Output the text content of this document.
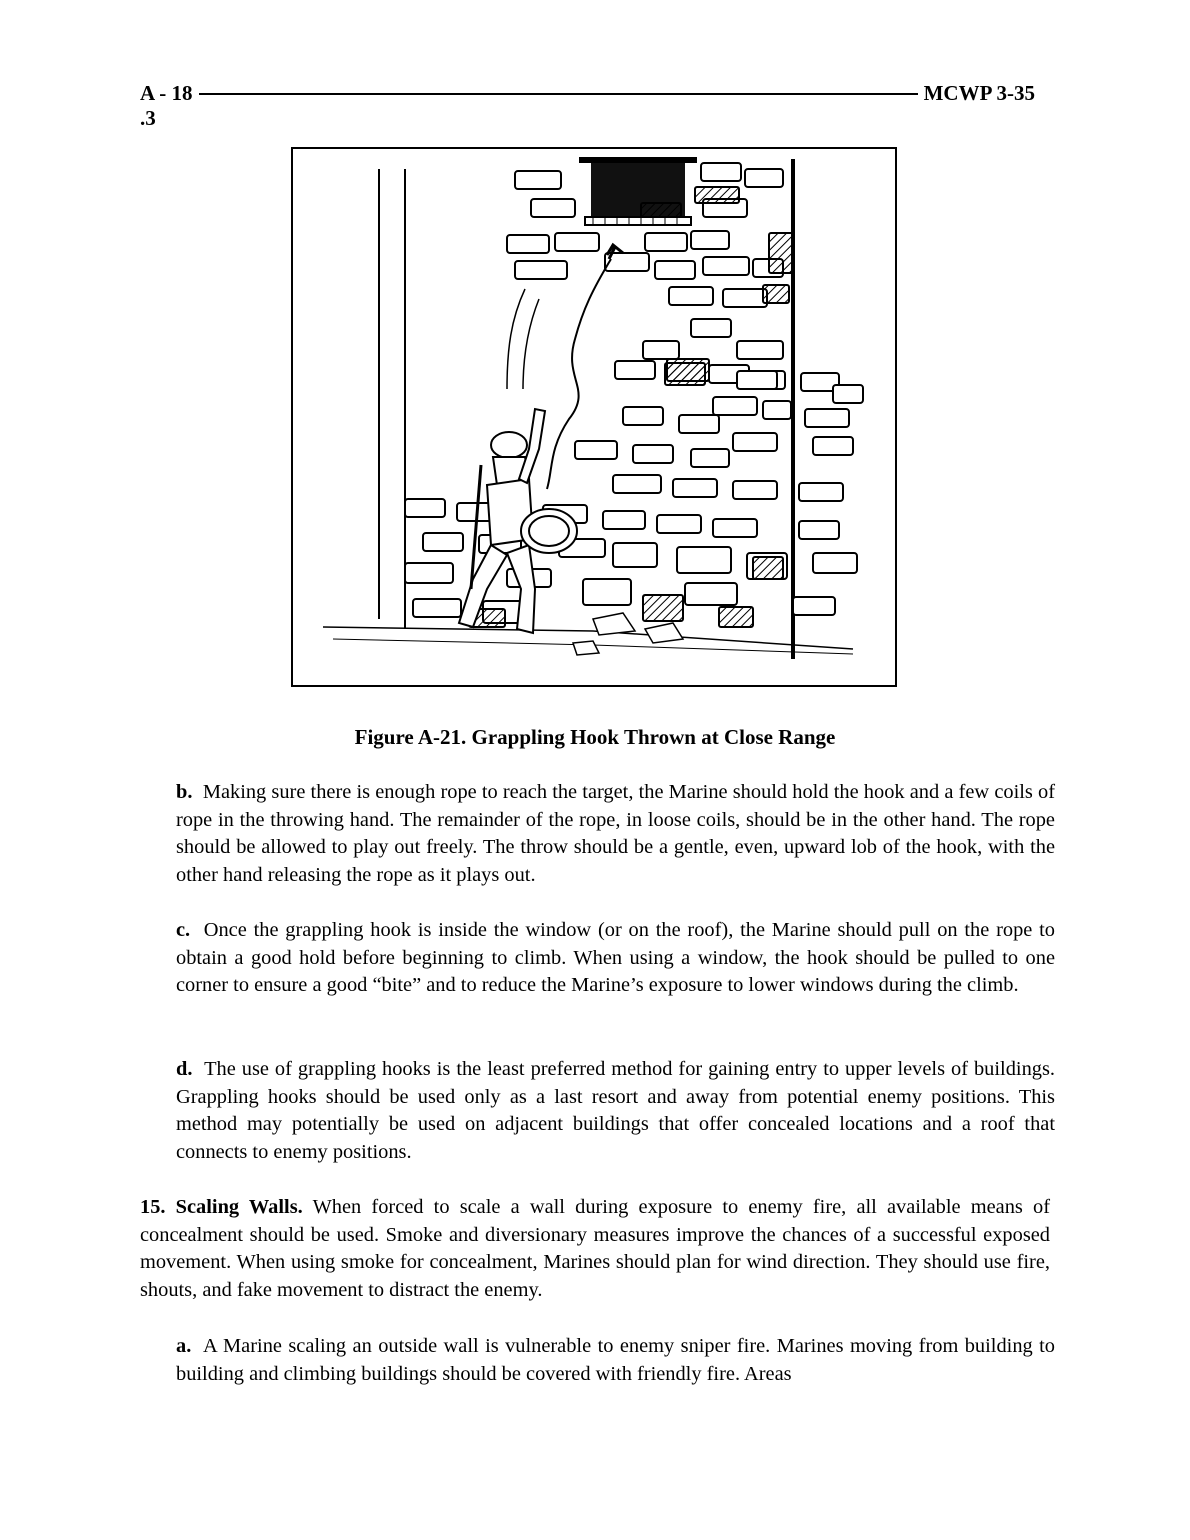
A - 18	MCWP 3-35
.3
Figure A-21. Grappling Hook Thrown at Close Range
b. Making sure there is enough rope to reach the target, the Marine should hold the hook and a few coils of rope in the throwing hand. The remainder of the rope, in loose coils, should be in the other hand. The rope should be allowed to play out freely. The throw should be a gentle, even, upward lob of the hook, with the other hand releasing the rope as it plays out.
c. Once the grappling hook is inside the window (or on the roof), the Marine should pull on the rope to obtain a good hold before beginning to climb. When using a window, the hook should be pulled to one corner to ensure a good “bite” and to reduce the Marine’s exposure to lower windows during the climb.
d. The use of grappling hooks is the least preferred method for gaining entry to upper levels of buildings. Grappling hooks should be used only as a last resort and away from potential enemy positions. This method may potentially be used on adjacent buildings that offer concealed locations and a roof that connects to enemy positions.
15. Scaling Walls. When forced to scale a wall during exposure to enemy fire, all available means of concealment should be used. Smoke and diversionary measures improve the chances of a successful exposed movement. When using smoke for concealment, Marines should plan for wind direction. They should use fire, shouts, and fake movement to distract the enemy.
a. A Marine scaling an outside wall is vulnerable to enemy sniper fire. Marines moving from building to building and climbing buildings should be covered with friendly fire. Areas
